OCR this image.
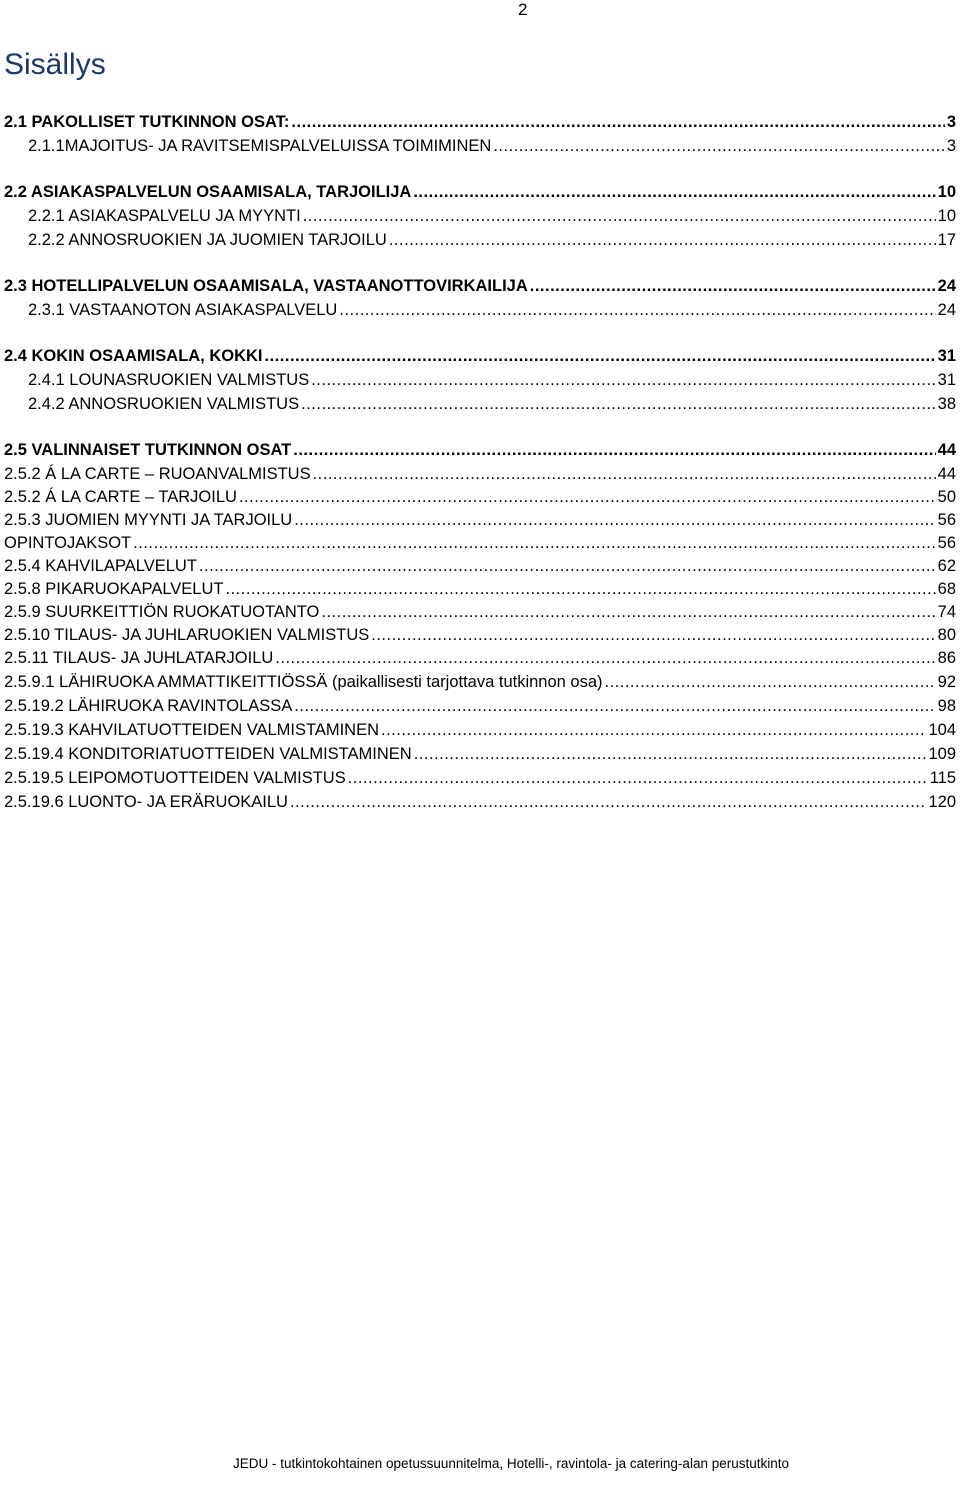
2
Sisällys
2.1 PAKOLLISET TUTKINNON OSAT: .....	3
2.1.1MAJOITUS- JA RAVITSEMISPALVELUISSA TOIMIMINEN .....	3
2.2 ASIAKASPALVELUN OSAAMISALA, TARJOILIJA .....	10
2.2.1 ASIAKASPALVELU JA MYYNTI .....	10
2.2.2 ANNOSRUOKIEN JA JUOMIEN TARJOILU .....	17
2.3 HOTELLIPALVELUN OSAAMISALA, VASTAANOTTOVIRKAILIJA .....	24
2.3.1 VASTAANOTON ASIAKASPALVELU .....	24
2.4 KOKIN OSAAMISALA, KOKKI .....	31
2.4.1 LOUNASRUOKIEN VALMISTUS .....	31
2.4.2 ANNOSRUOKIEN VALMISTUS .....	38
2.5 VALINNAISET TUTKINNON OSAT .....	44
2.5.2 Á LA CARTE – RUOANVALMISTUS .....	44
2.5.2 Á LA CARTE – TARJOILU .....	50
2.5.3 JUOMIEN MYYNTI JA TARJOILU .....	56
OPINTOJAKSOT .....	56
2.5.4 KAHVILAPALVELUT .....	62
2.5.8 PIKARUOKAPALVELUT .....	68
2.5.9 SUURKEITTIÖN RUOKATUOTANTO .....	74
2.5.10 TILAUS- JA JUHLARUOKIEN VALMISTUS .....	80
2.5.11 TILAUS- JA JUHLATARJOILU .....	86
2.5.9.1 LÄHIRUOKA AMMATTIKEITTIÖSSÄ (paikallisesti tarjottava tutkinnon osa) .....	92
2.5.19.2 LÄHIRUOKA RAVINTOLASSA .....	98
2.5.19.3 KAHVILATUOTTEIDEN VALMISTAMINEN .....	104
2.5.19.4 KONDITORIATUOTTEIDEN VALMISTAMINEN .....	109
2.5.19.5 LEIPOMOTUOTTEIDEN VALMISTUS .....	115
2.5.19.6 LUONTO- JA ERÄRUOKAILU .....	120
JEDU - tutkintokohtainen opetussuunnitelma, Hotelli-, ravintola- ja catering-alan perustutkinto
